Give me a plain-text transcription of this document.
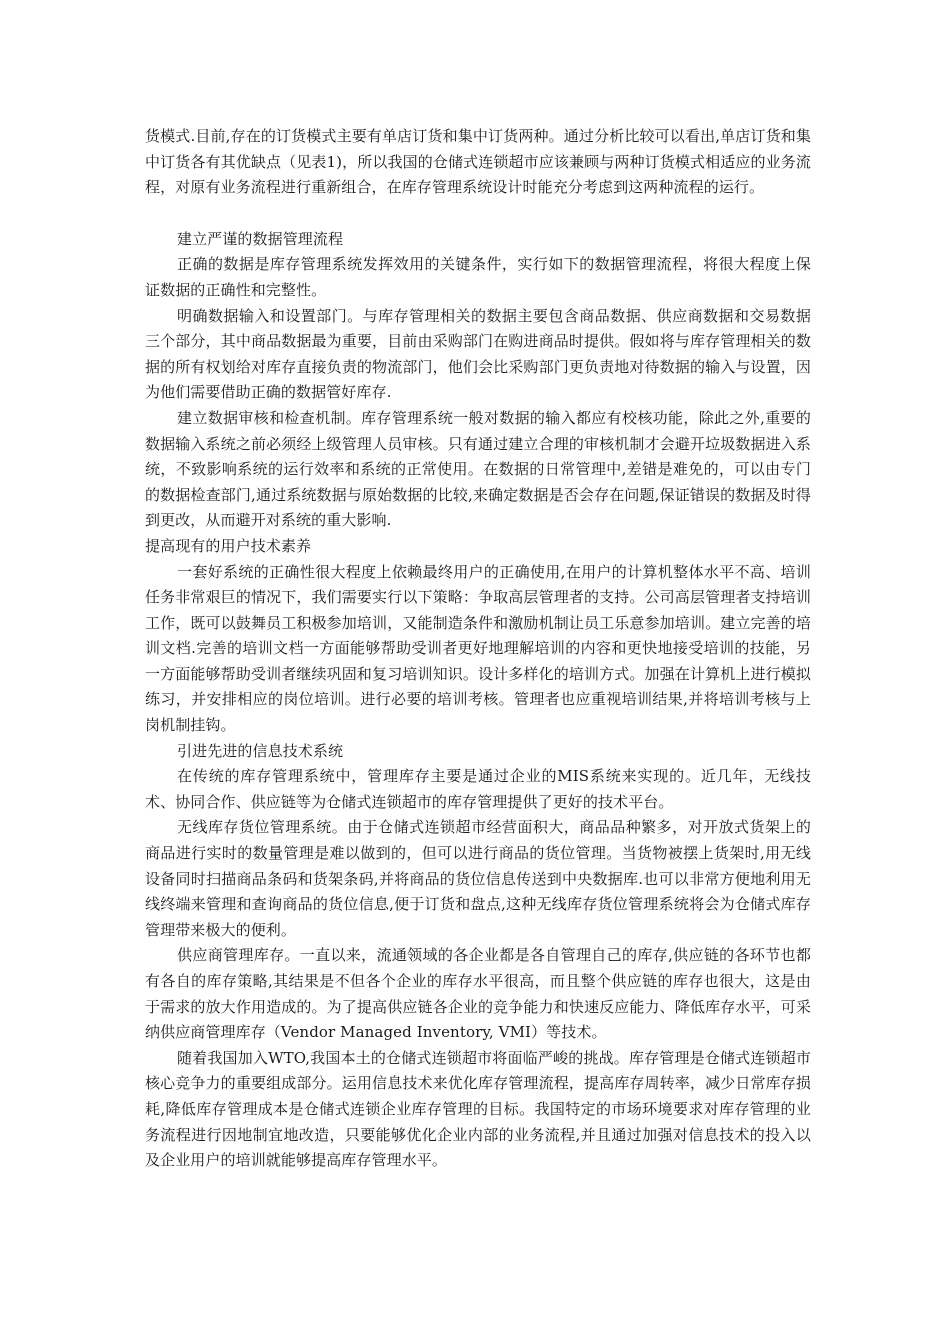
货模式.目前,存在的订货模式主要有单店订货和集中订货两种。通过分析比较可以看出,单店订货和集中订货各有其优缺点（见表1)，所以我国的仓储式连锁超市应该兼顾与两种订货模式相适应的业务流程，对原有业务流程进行重新组合，在库存管理系统设计时能充分考虑到这两种流程的运行。

建立严谨的数据管理流程

正确的数据是库存管理系统发挥效用的关键条件，实行如下的数据管理流程，将很大程度上保证数据的正确性和完整性。

明确数据输入和设置部门。与库存管理相关的数据主要包含商品数据、供应商数据和交易数据三个部分，其中商品数据最为重要，目前由采购部门在购进商品时提供。假如将与库存管理相关的数据的所有权划给对库存直接负责的物流部门，他们会比采购部门更负责地对待数据的输入与设置，因为他们需要借助正确的数据管好库存.

建立数据审核和检查机制。库存管理系统一般对数据的输入都应有校核功能，除此之外,重要的数据输入系统之前必须经上级管理人员审核。只有通过建立合理的审核机制才会避开垃圾数据进入系统，不致影响系统的运行效率和系统的正常使用。在数据的日常管理中,差错是难免的，可以由专门的数据检查部门,通过系统数据与原始数据的比较,来确定数据是否会存在问题,保证错误的数据及时得到更改，从而避开对系统的重大影响.

提高现有的用户技术素养

一套好系统的正确性很大程度上依赖最终用户的正确使用,在用户的计算机整体水平不高、培训任务非常艰巨的情况下，我们需要实行以下策略：争取高层管理者的支持。公司高层管理者支持培训工作，既可以鼓舞员工积极参加培训，又能制造条件和激励机制让员工乐意参加培训。建立完善的培训文档.完善的培训文档一方面能够帮助受训者更好地理解培训的内容和更快地接受培训的技能，另一方面能够帮助受训者继续巩固和复习培训知识。设计多样化的培训方式。加强在计算机上进行模拟练习，并安排相应的岗位培训。进行必要的培训考核。管理者也应重视培训结果,并将培训考核与上岗机制挂钩。

引进先进的信息技术系统

在传统的库存管理系统中，管理库存主要是通过企业的MIS系统来实现的。近几年，无线技术、协同合作、供应链等为仓储式连锁超市的库存管理提供了更好的技术平台。

无线库存货位管理系统。由于仓储式连锁超市经营面积大，商品品种繁多，对开放式货架上的商品进行实时的数量管理是难以做到的，但可以进行商品的货位管理。当货物被摆上货架时,用无线设备同时扫描商品条码和货架条码,并将商品的货位信息传送到中央数据库.也可以非常方便地利用无线终端来管理和查询商品的货位信息,便于订货和盘点,这种无线库存货位管理系统将会为仓储式库存管理带来极大的便利。

供应商管理库存。一直以来，流通领域的各企业都是各自管理自己的库存,供应链的各环节也都有各自的库存策略,其结果是不但各个企业的库存水平很高，而且整个供应链的库存也很大，这是由于需求的放大作用造成的。为了提高供应链各企业的竞争能力和快速反应能力、降低库存水平，可采纳供应商管理库存（Vendor Managed Inventory, VMI）等技术。

随着我国加入WTO,我国本土的仓储式连锁超市将面临严峻的挑战。库存管理是仓储式连锁超市核心竞争力的重要组成部分。运用信息技术来优化库存管理流程，提高库存周转率，减少日常库存损耗,降低库存管理成本是仓储式连锁企业库存管理的目标。我国特定的市场环境要求对库存管理的业务流程进行因地制宜地改造，只要能够优化企业内部的业务流程,并且通过加强对信息技术的投入以及企业用户的培训就能够提高库存管理水平。
